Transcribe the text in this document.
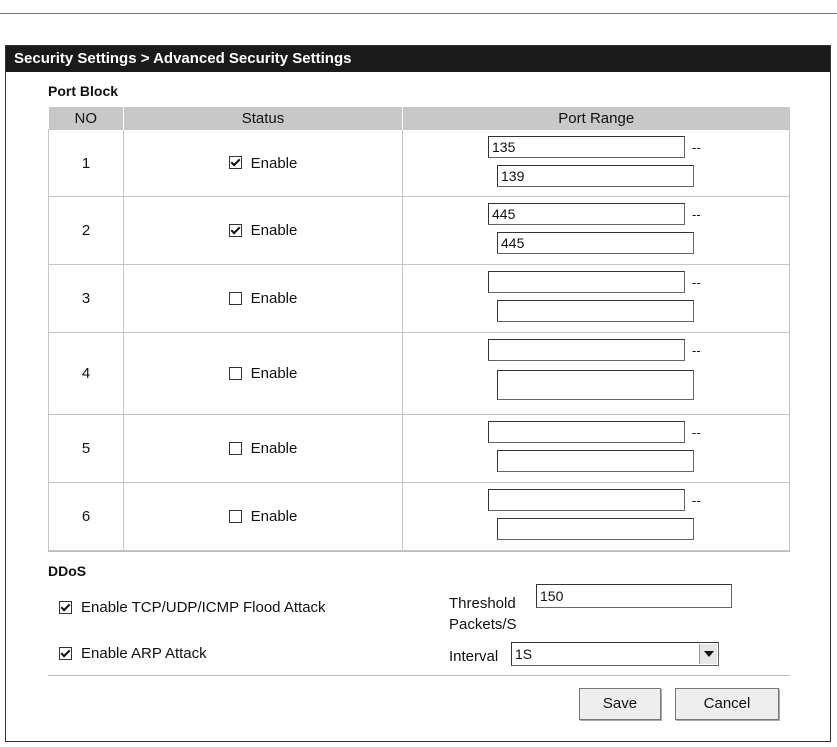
Security Settings > Advanced Security Settings
Port Block
NO	Status	Port Range
1	Enable	135 --
139

2	Enable	445 --
445

3	Enable	--

4	Enable	--

5	Enable	--

6	Enable	--
DDoS
Enable TCP/UDP/ICMP Flood Attack
Enable ARP Attack
Threshold 150
Packets/S
Interval 1S
Save	Cancel
